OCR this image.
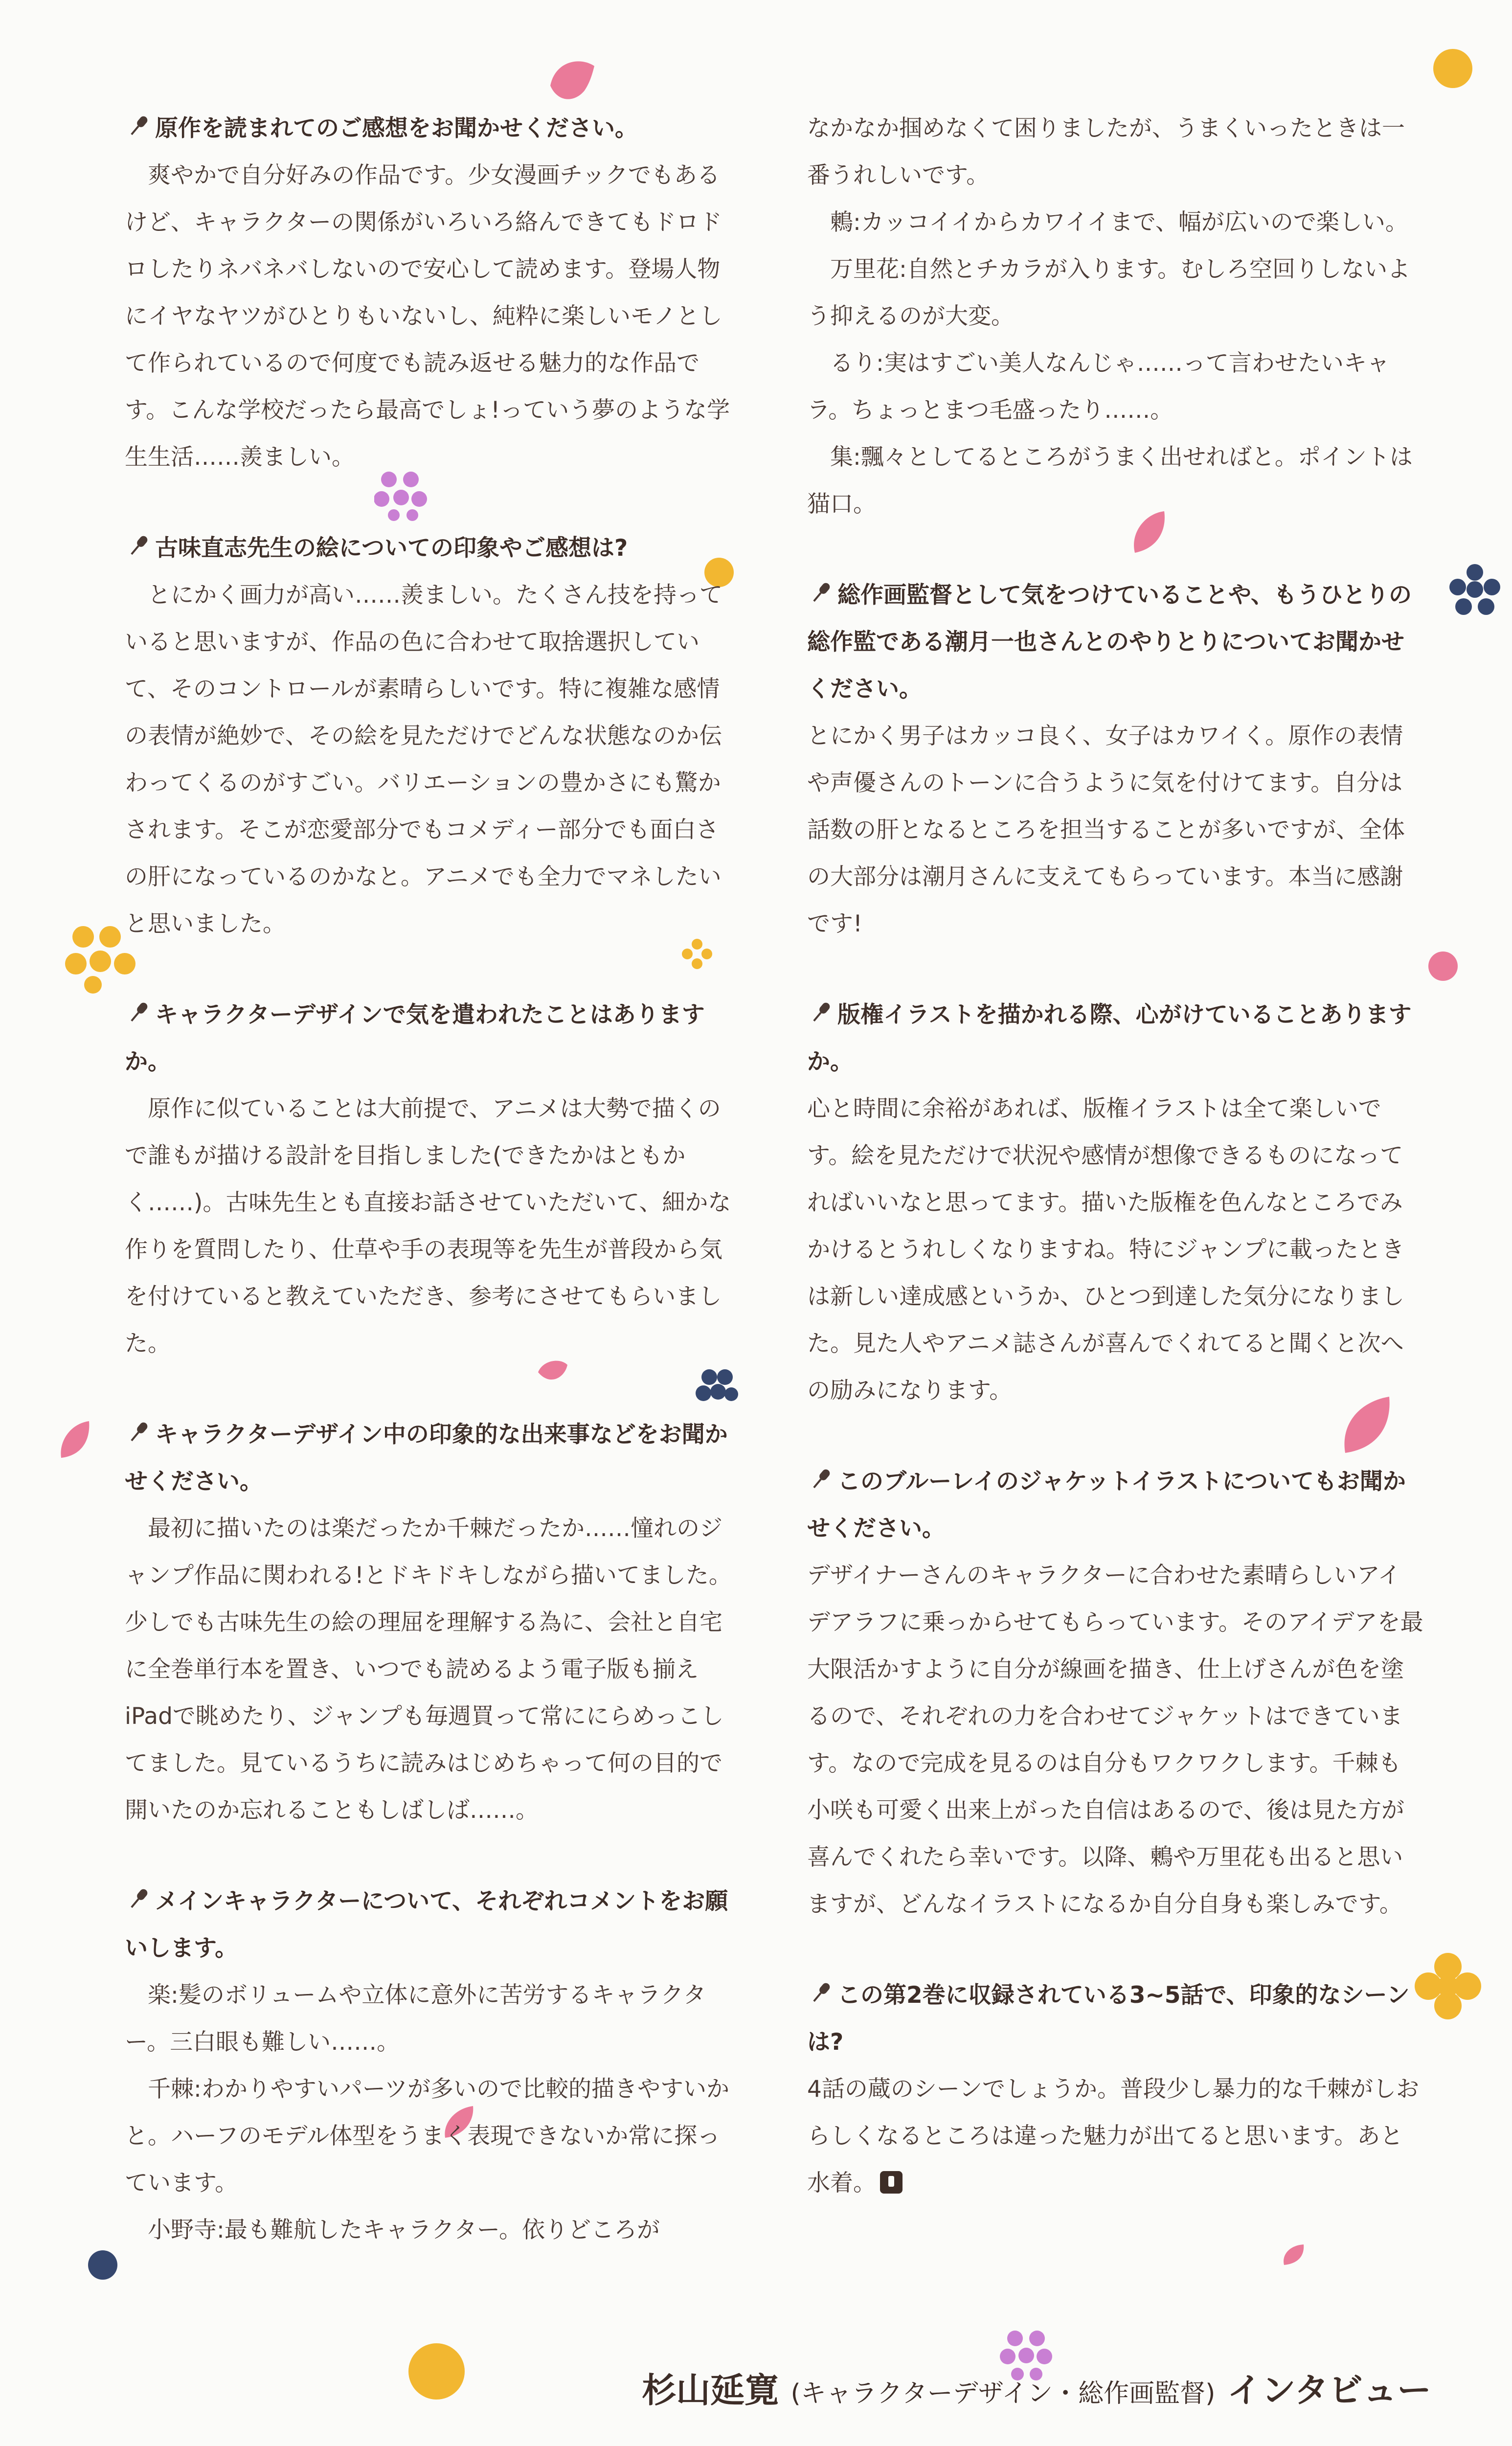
原作を読まれてのご感想をお聞かせください。

爽やかで自分好みの作品です。少女漫画チックでもあるけど、キャラクターの関係がいろいろ絡んできてもドロドロしたりネバネバしないので安心して読めます。登場人物にイヤなヤツがひとりもいないし、純粋に楽しいモノとして作られているので何度でも読み返せる魅力的な作品です。こんな学校だったら最高でしょ!っていう夢のような学生生活……羨ましい。

古味直志先生の絵についての印象やご感想は?

とにかく画力が高い……羨ましい。たくさん技を持っていると思いますが、作品の色に合わせて取捨選択していて、そのコントロールが素晴らしいです。特に複雑な感情の表情が絶妙で、その絵を見ただけでどんな状態なのか伝わってくるのがすごい。バリエーションの豊かさにも驚かされます。そこが恋愛部分でもコメディー部分でも面白さの肝になっているのかなと。アニメでも全力でマネしたいと思いました。

キャラクターデザインで気を遣われたことはありますか。

原作に似ていることは大前提で、アニメは大勢で描くので誰もが描ける設計を目指しました(できたかはともかく……)。古味先生とも直接お話させていただいて、細かな作りを質問したり、仕草や手の表現等を先生が普段から気を付けていると教えていただき、参考にさせてもらいました。

キャラクターデザイン中の印象的な出来事などをお聞かせください。

最初に描いたのは楽だったか千棘だったか……憧れのジャンプ作品に関われる!とドキドキしながら描いてました。少しでも古味先生の絵の理屈を理解する為に、会社と自宅に全巻単行本を置き、いつでも読めるよう電子版も揃えiPadで眺めたり、ジャンプも毎週買って常ににらめっこしてました。見ているうちに読みはじめちゃって何の目的で開いたのか忘れることもしばしば……。

メインキャラクターについて、それぞれコメントをお願いします。

楽:髪のボリュームや立体に意外に苦労するキャラクター。三白眼も難しい……。

千棘:わかりやすいパーツが多いので比較的描きやすいかと。ハーフのモデル体型をうまく表現できないか常に探っています。

小野寺:最も難航したキャラクター。依りどころが

なかなか掴めなくて困りましたが、うまくいったときは一番うれしいです。

鶫:カッコイイからカワイイまで、幅が広いので楽しい。

万里花:自然とチカラが入ります。むしろ空回りしないよう抑えるのが大変。

るり:実はすごい美人なんじゃ……って言わせたいキャラ。ちょっとまつ毛盛ったり……。

集:飄々としてるところがうまく出せればと。ポイントは猫口。

総作画監督として気をつけていることや、もうひとりの総作監である潮月一也さんとのやりとりについてお聞かせください。

とにかく男子はカッコ良く、女子はカワイく。原作の表情や声優さんのトーンに合うように気を付けてます。自分は話数の肝となるところを担当することが多いですが、全体の大部分は潮月さんに支えてもらっています。本当に感謝です!

版権イラストを描かれる際、心がけていることありますか。

心と時間に余裕があれば、版権イラストは全て楽しいです。絵を見ただけで状況や感情が想像できるものになってればいいなと思ってます。描いた版権を色んなところでみかけるとうれしくなりますね。特にジャンプに載ったときは新しい達成感というか、ひとつ到達した気分になりました。見た人やアニメ誌さんが喜んでくれてると聞くと次への励みになります。

このブルーレイのジャケットイラストについてもお聞かせください。

デザイナーさんのキャラクターに合わせた素晴らしいアイデアラフに乗っからせてもらっています。そのアイデアを最大限活かすように自分が線画を描き、仕上げさんが色を塗るので、それぞれの力を合わせてジャケットはできています。なので完成を見るのは自分もワクワクします。千棘も小咲も可愛く出来上がった自信はあるので、後は見た方が喜んでくれたら幸いです。以降、鶫や万里花も出ると思いますが、どんなイラストになるか自分自身も楽しみです。

この第2巻に収録されている3~5話で、印象的なシーンは?

4話の蔵のシーンでしょうか。普段少し暴力的な千棘がしおらしくなるところは違った魅力が出てると思います。あと水着。

杉山延寛 (キャラクターデザイン・総作画監督) インタビュー
